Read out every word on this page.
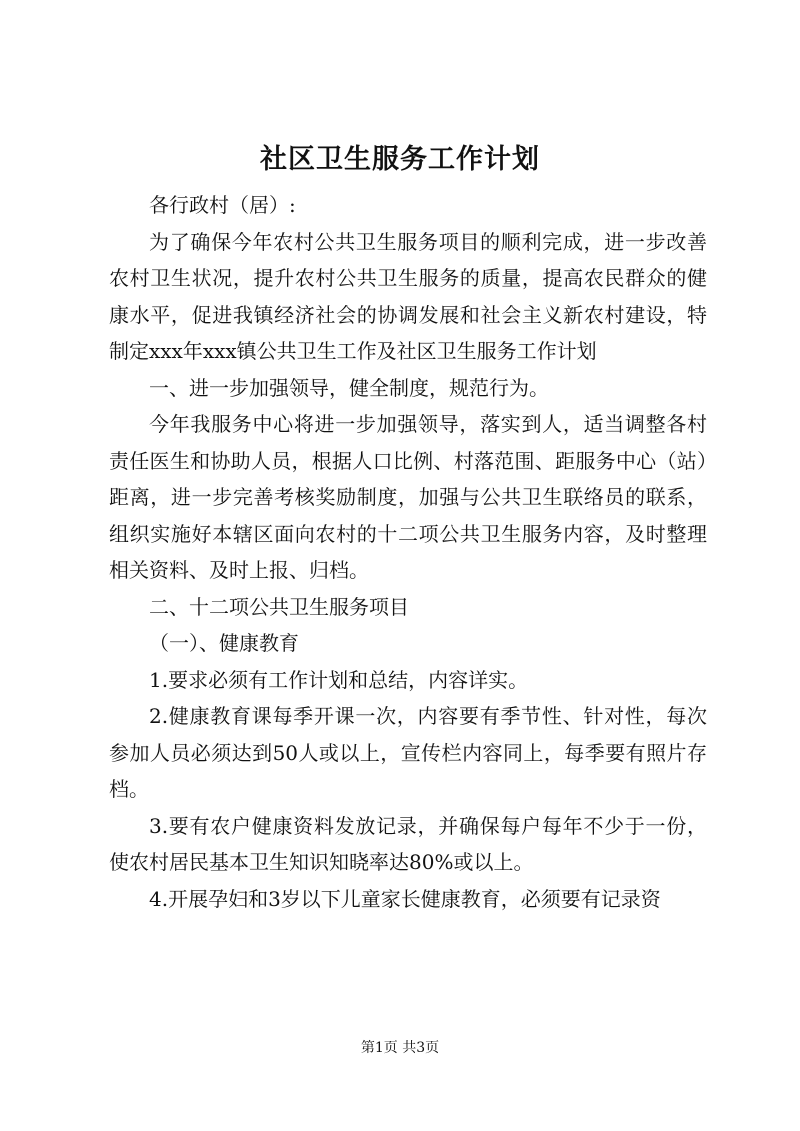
社区卫生服务工作计划

各行政村（居）:

为了确保今年农村公共卫生服务项目的顺利完成，进一步改善农村卫生状况，提升农村公共卫生服务的质量，提高农民群众的健康水平，促进我镇经济社会的协调发展和社会主义新农村建设，特制定xxx年xxx镇公共卫生工作及社区卫生服务工作计划

一、进一步加强领导，健全制度，规范行为。

今年我服务中心将进一步加强领导，落实到人，适当调整各村责任医生和协助人员，根据人口比例、村落范围、距服务中心（站）距离，进一步完善考核奖励制度，加强与公共卫生联络员的联系，组织实施好本辖区面向农村的十二项公共卫生服务内容，及时整理相关资料、及时上报、归档。

二、十二项公共卫生服务项目

（一）、健康教育

1.要求必须有工作计划和总结，内容详实。

2.健康教育课每季开课一次，内容要有季节性、针对性，每次参加人员必须达到50人或以上，宣传栏内容同上，每季要有照片存档。

3.要有农户健康资料发放记录，并确保每户每年不少于一份，使农村居民基本卫生知识知晓率达80%或以上。

4.开展孕妇和3岁以下儿童家长健康教育，必须要有记录资

第1页 共3页
